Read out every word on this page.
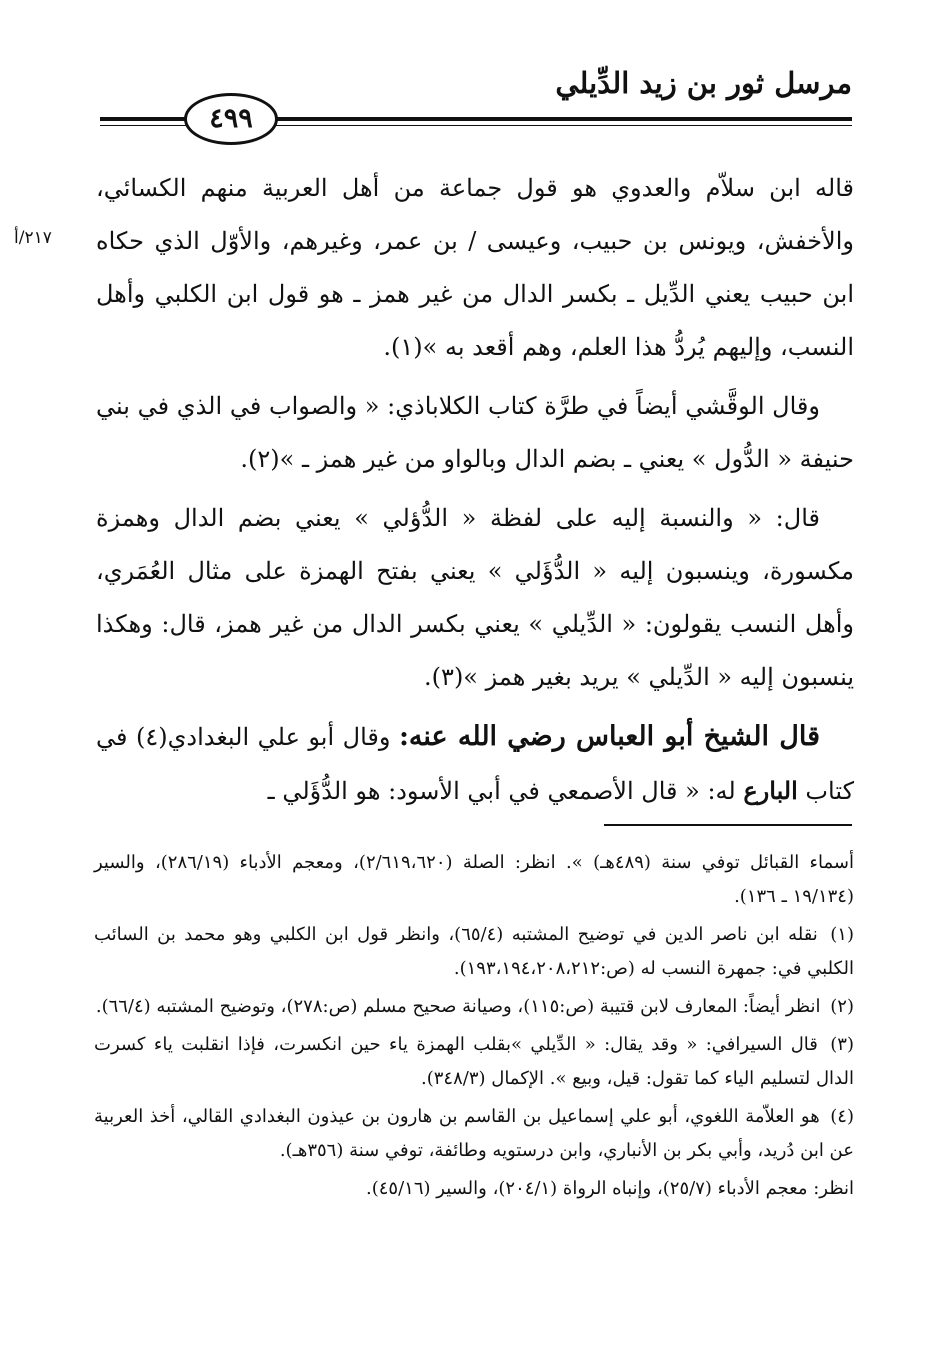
مرسل ثور بن زيد الدِّيلي
٤٩٩
٢١٧/أ

قاله ابن سلاّم والعدوي هو قول جماعة من أهل العربية منهم الكسائي، والأخفش، ويونس بن حبيب، وعيسى / بن عمر، وغيرهم، والأوّل الذي حكاه ابن حبيب يعني الدِّيل ـ بكسر الدال من غير همز ـ هو قول ابن الكلبي وأهل النسب، وإليهم يُردُّ هذا العلم، وهم أقعد به »(١).

وقال الوقَّشي أيضاً في طرَّة كتاب الكلاباذي: « والصواب في الذي في بني حنيفة « الدُّول » يعني ـ بضم الدال وبالواو من غير همز ـ »(٢).

قال: « والنسبة إليه على لفظة « الدُّؤلي » يعني بضم الدال وهمزة مكسورة، وينسبون إليه « الدُّؤَلي » يعني بفتح الهمزة على مثال العُمَري، وأهل النسب يقولون: « الدِّيلي » يعني بكسر الدال من غير همز، قال: وهكذا ينسبون إليه « الدِّيلي » يريد بغير همز »(٣).

قال الشيخ أبو العباس رضي الله عنه: وقال أبو علي البغدادي(٤) في كتاب البارع له: « قال الأصمعي في أبي الأسود: هو الدُّؤَلي ـ

أسماء القبائل توفي سنة (٤٨٩هـ) ». انظر: الصلة (٢/٦١٩،٦٢٠)، ومعجم الأدباء (٢٨٦/١٩)، والسير (١٩/١٣٤ ـ ١٣٦).

(١) نقله ابن ناصر الدين في توضيح المشتبه (٦٥/٤)، وانظر قول ابن الكلبي وهو محمد بن السائب الكلبي في: جمهرة النسب له (ص:١٩٣،١٩٤،٢٠٨،٢١٢).

(٢) انظر أيضاً: المعارف لابن قتيبة (ص:١١٥)، وصيانة صحيح مسلم (ص:٢٧٨)، وتوضيح المشتبه (٦٦/٤).

(٣) قال السيرافي: « وقد يقال: « الدِّيلي »بقلب الهمزة ياء حين انكسرت، فإذا انقلبت ياء كسرت الدال لتسليم الياء كما تقول: قيل، وبيع ». الإكمال (٣٤٨/٣).

(٤) هو العلاّمة اللغوي، أبو علي إسماعيل بن القاسم بن هارون بن عيذون البغدادي القالي، أخذ العربية عن ابن دُريد، وأبي بكر بن الأنباري، وابن درستويه وطائفة، توفي سنة (٣٥٦هـ).

انظر: معجم الأدباء (٢٥/٧)، وإنباه الرواة (٢٠٤/١)، والسير (٤٥/١٦).
